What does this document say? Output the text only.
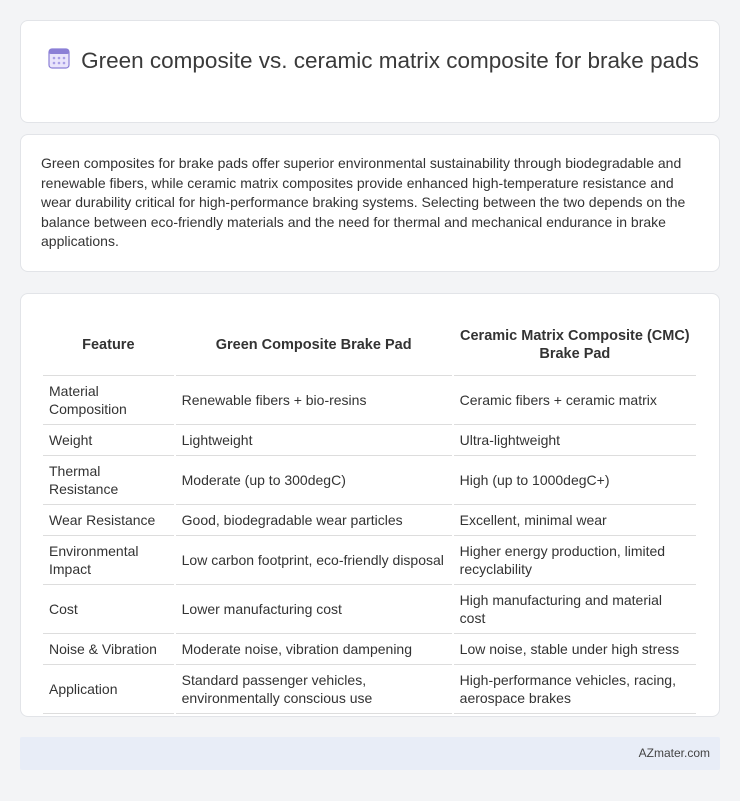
Green composite vs. ceramic matrix composite for brake pads

Green composites for brake pads offer superior environmental sustainability through biodegradable and renewable fibers, while ceramic matrix composites provide enhanced high-temperature resistance and wear durability critical for high-performance braking systems. Selecting between the two depends on the balance between eco-friendly materials and the need for thermal and mechanical endurance in brake applications.

Feature	Green Composite Brake Pad	Ceramic Matrix Composite (CMC) Brake Pad
Material Composition	Renewable fibers + bio-resins	Ceramic fibers + ceramic matrix
Weight	Lightweight	Ultra-lightweight
Thermal Resistance	Moderate (up to 300degC)	High (up to 1000degC+)
Wear Resistance	Good, biodegradable wear particles	Excellent, minimal wear
Environmental Impact	Low carbon footprint, eco-friendly disposal	Higher energy production, limited recyclability
Cost	Lower manufacturing cost	High manufacturing and material cost
Noise & Vibration	Moderate noise, vibration dampening	Low noise, stable under high stress
Application	Standard passenger vehicles, environmentally conscious use	High-performance vehicles, racing, aerospace brakes
AZmater.com
